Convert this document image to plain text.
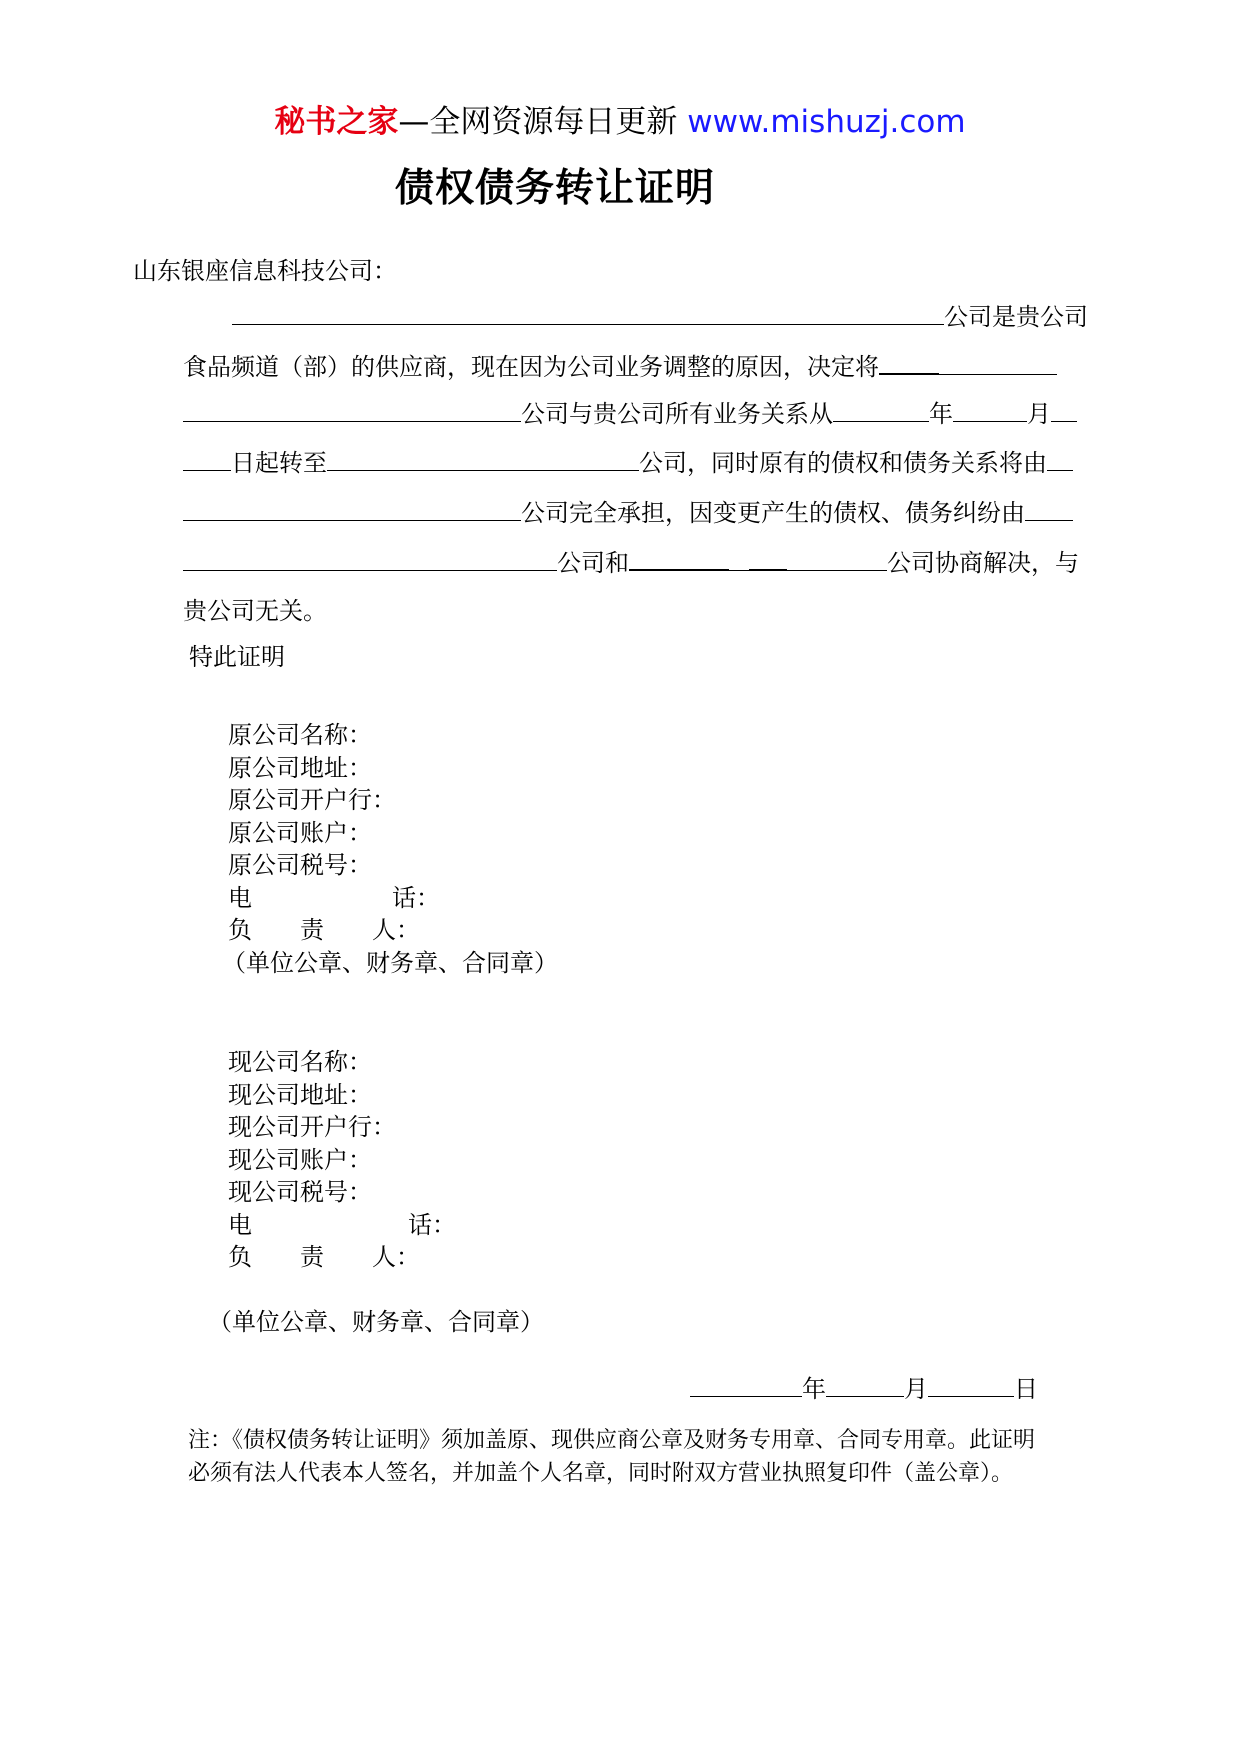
秘书之家—全网资源每日更新 www.mishuzj.com
债权债务转让证明
山东银座信息科技公司：
公司是贵公司
食品频道（部）的供应商，现在因为公司业务调整的原因，决定将
公司与贵公司所有业务关系从	年	月
日起转至	公司，同时原有的债权和债务关系将由
公司完全承担，因变更产生的债权、债务纠纷由
公司和	公司协商解决，与
贵公司无关。
特此证明
原公司名称：
原公司地址：
原公司开户行：
原公司账户：
原公司税号：
电	话：
负 责 人：
（单位公章、财务章、合同章）
现公司名称：
现公司地址：
现公司开户行：
现公司账户：
现公司税号：
电	话：
负 责 人：
（单位公章、财务章、合同章）
年	月	日
注：《债权债务转让证明》须加盖原、现供应商公章及财务专用章、合同专用章。此证明必须有法人代表本人签名，并加盖个人名章，同时附双方营业执照复印件（盖公章）。
